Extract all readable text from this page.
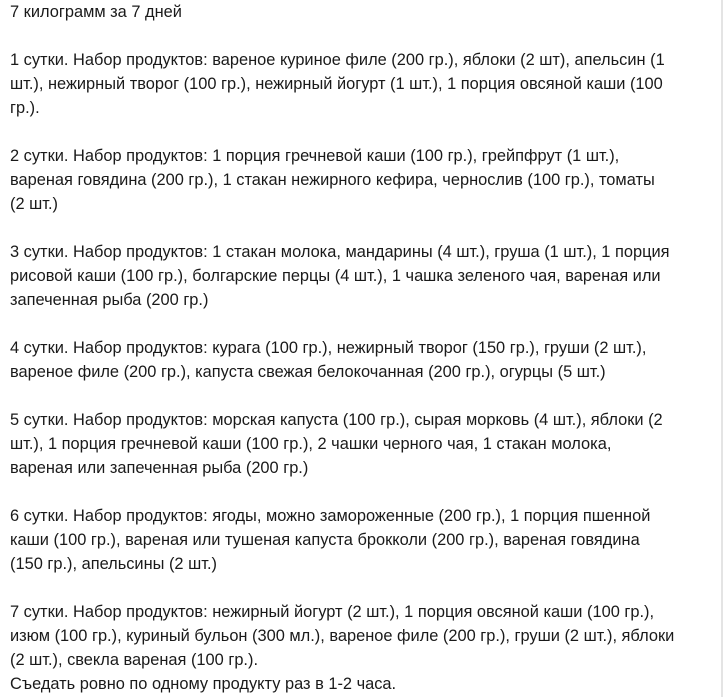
7 килограмм за 7 дней
1 сутки. Набор продуктов: вареное куриное филе (200 гр.), яблоки (2 шт), апельсин (1
шт.), нежирный творог (100 гр.), нежирный йогурт (1 шт.), 1 порция овсяной каши (100
гр.).
2 сутки. Набор продуктов: 1 порция гречневой каши (100 гр.), грейпфрут (1 шт.),
вареная говядина (200 гр.), 1 стакан нежирного кефира, чернослив (100 гр.), томаты
(2 шт.)
3 сутки. Набор продуктов: 1 стакан молока, мандарины (4 шт.), груша (1 шт.), 1 порция
рисовой каши (100 гр.), болгарские перцы (4 шт.), 1 чашка зеленого чая, вареная или
запеченная рыба (200 гр.)
4 сутки. Набор продуктов: курага (100 гр.), нежирный творог (150 гр.), груши (2 шт.),
вареное филе (200 гр.), капуста свежая белокочанная (200 гр.), огурцы (5 шт.)
5 сутки. Набор продуктов: морская капуста (100 гр.), сырая морковь (4 шт.), яблоки (2
шт.), 1 порция гречневой каши (100 гр.), 2 чашки черного чая, 1 стакан молока,
вареная или запеченная рыба (200 гр.)
6 сутки. Набор продуктов: ягоды, можно замороженные (200 гр.), 1 порция пшенной
каши (100 гр.), вареная или тушеная капуста брокколи (200 гр.), вареная говядина
(150 гр.), апельсины (2 шт.)
7 сутки. Набор продуктов: нежирный йогурт (2 шт.), 1 порция овсяной каши (100 гр.),
изюм (100 гр.), куриный бульон (300 мл.), вареное филе (200 гр.), груши (2 шт.), яблоки
(2 шт.), свекла вареная (100 гр.).
Съедать ровно по одному продукту раз в 1-2 часа.
